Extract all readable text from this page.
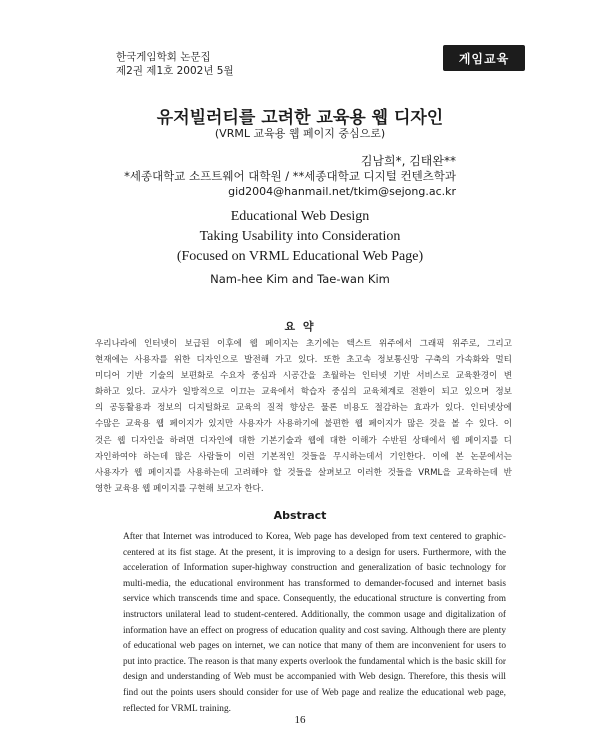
한국게임학회 논문집
제2권 제1호 2002년 5월
게임교육
유저빌러티를 고려한 교육용 웹 디자인
(VRML 교육용 웹 페이지 중심으로)
김남희*, 김태완**
*세종대학교 소프트웨어 대학원 / **세종대학교 디지털 컨텐츠학과
gid2004@hanmail.net/tkim@sejong.ac.kr
Educational Web Design
Taking Usability into Consideration
(Focused on VRML Educational Web Page)
Nam-hee Kim and Tae-wan Kim
요 약
우리나라에 인터넷이 보급된 이후에 웹 페이지는 초기에는 텍스트 위주에서 그래픽 위주로, 그리고
현재에는 사용자를 위한 디자인으로 발전해 가고 있다. 또한 초고속 정보통신망 구축의 가속화와 멀티
미디어 기반 기술의 보편화로 수요자 중심과 시공간을 초월하는 인터넷 기반 서비스로 교육환경이 변
화하고 있다. 교사가 일방적으로 이끄는 교육에서 학습자 중심의 교육체계로 전환이 되고 있으며 정보
의 공동활용과 정보의 디지털화로 교육의 질적 향상은 물론 비용도 절감하는 효과가 있다. 인터넷상에
수많은 교육용 웹 페이지가 있지만 사용자가 사용하기에 불편한 웹 페이지가 많은 것을 볼 수 있다. 이
것은 웹 디자인을 하려면 디자인에 대한 기본기술과 웹에 대한 이해가 수반된 상태에서 웹 페이지를 디
자인하여야 하는데 많은 사람들이 이런 기본적인 것들을 무시하는데서 기인한다. 이에 본 논문에서는
사용자가 웹 페이지를 사용하는데 고려해야 할 것들을 살펴보고 이러한 것들을 VRML을 교육하는데 반
영한 교육용 웹 페이지를 구현해 보고자 한다.
Abstract
After that Internet was introduced to Korea, Web page has developed from text centered to graphic-
centered at its fist stage. At the present, it is improving to a design for users. Furthermore, with the
acceleration of Information super-highway construction and generalization of basic technology for
multi-media, the educational environment has transformed to demander-focused and internet basis
service which transcends time and space. Consequently, the educational structure is converting from
instructors unilateral lead to student-centered. Additionally, the common usage and digitalization of
information have an effect on progress of education quality and cost saving. Although there are plenty
of educational web pages on internet, we can notice that many of them are inconvenient for users to
put into practice. The reason is that many experts overlook the fundamental which is the basic skill for
design and understanding of Web must be accompanied with Web design. Therefore, this thesis will
find out the points users should consider for use of Web page and realize the educational web page,
reflected for VRML training.
16
